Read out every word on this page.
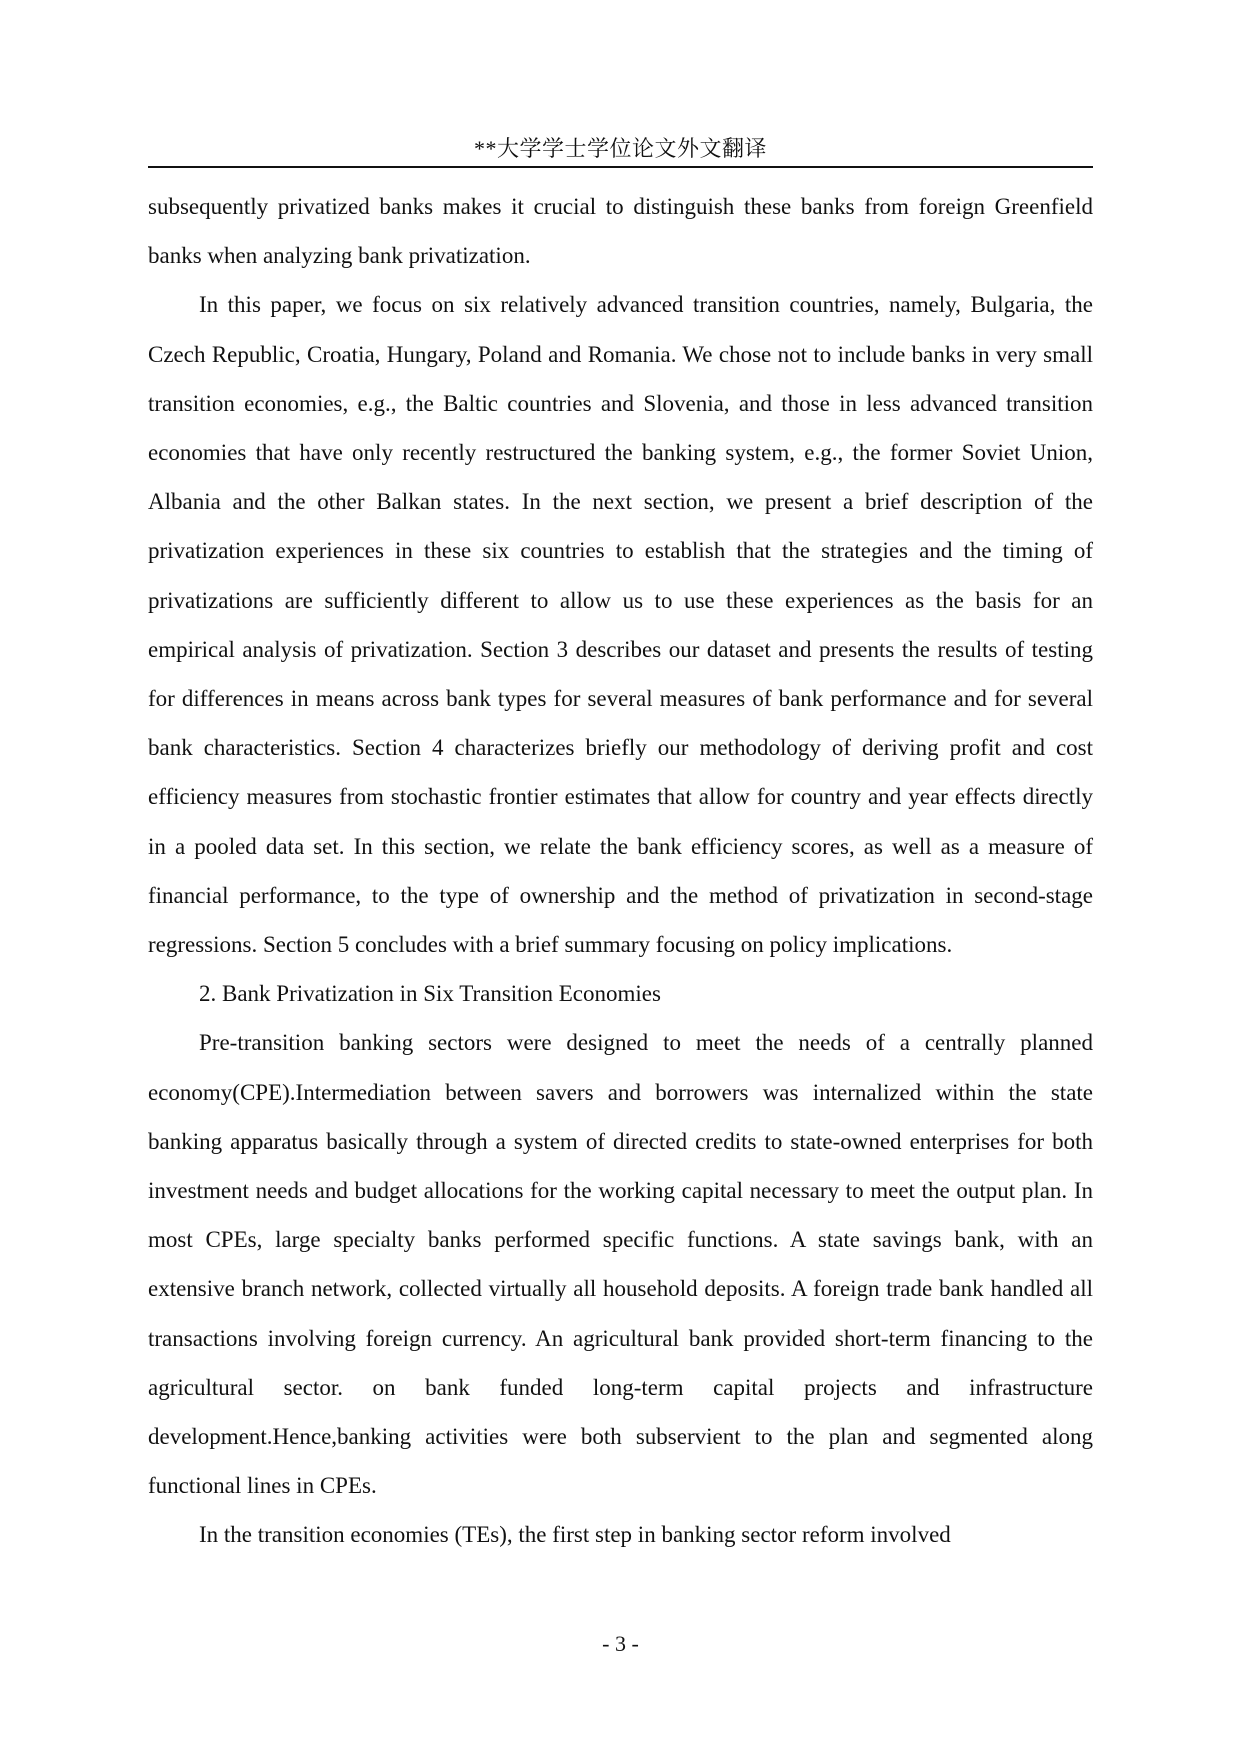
**大学学士学位论文外文翻译

subsequently privatized banks makes it crucial to distinguish these banks from foreign Greenfield banks when analyzing bank privatization.

In this paper, we focus on six relatively advanced transition countries, namely, Bulgaria, the Czech Republic, Croatia, Hungary, Poland and Romania. We chose not to include banks in very small transition economies, e.g., the Baltic countries and Slovenia, and those in less advanced transition economies that have only recently restructured the banking system, e.g., the former Soviet Union, Albania and the other Balkan states. In the next section, we present a brief description of the privatization experiences in these six countries to establish that the strategies and the timing of privatizations are sufficiently different to allow us to use these experiences as the basis for an empirical analysis of privatization. Section 3 describes our dataset and presents the results of testing for differences in means across bank types for several measures of bank performance and for several bank characteristics. Section 4 characterizes briefly our methodology of deriving profit and cost efficiency measures from stochastic frontier estimates that allow for country and year effects directly in a pooled data set. In this section, we relate the bank efficiency scores, as well as a measure of financial performance, to the type of ownership and the method of privatization in second-stage regressions. Section 5 concludes with a brief summary focusing on policy implications.

2. Bank Privatization in Six Transition Economies

Pre-transition banking sectors were designed to meet the needs of a centrally planned economy(CPE).Intermediation between savers and borrowers was internalized within the state banking apparatus basically through a system of directed credits to state-owned enterprises for both investment needs and budget allocations for the working capital necessary to meet the output plan. In most CPEs, large specialty banks performed specific functions. A state savings bank, with an extensive branch network, collected virtually all household deposits. A foreign trade bank handled all transactions involving foreign currency. An agricultural bank provided short-term financing to the agricultural sector. on bank funded long-term capital projects and infrastructure development.Hence,banking activities were both subservient to the plan and segmented along functional lines in CPEs.

In the transition economies (TEs), the first step in banking sector reform involved

- 3 -
